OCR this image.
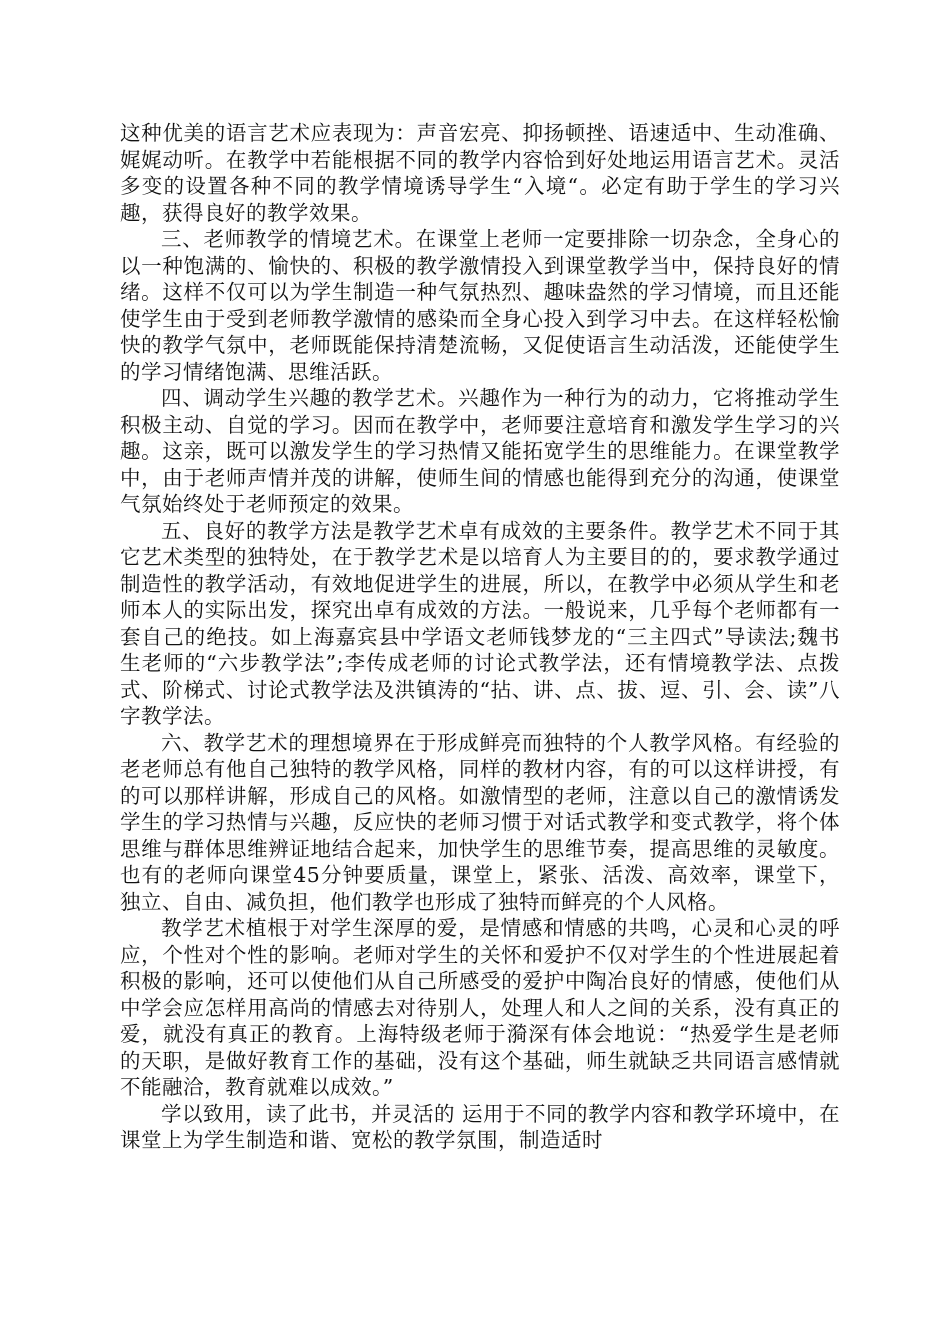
这种优美的语言艺术应表现为：声音宏亮、抑扬顿挫、语速适中、生动准确、娓娓动听。在教学中若能根据不同的教学内容恰到好处地运用语言艺术。灵活多变的设置各种不同的教学情境诱导学生“入境“。必定有助于学生的学习兴趣，获得良好的教学效果。

三、老师教学的情境艺术。在课堂上老师一定要排除一切杂念，全身心的以一种饱满的、愉快的、积极的教学激情投入到课堂教学当中，保持良好的情绪。这样不仅可以为学生制造一种气氛热烈、趣味盎然的学习情境，而且还能使学生由于受到老师教学激情的感染而全身心投入到学习中去。在这样轻松愉快的教学气氛中，老师既能保持清楚流畅，又促使语言生动活泼，还能使学生的学习情绪饱满、思维活跃。

四、调动学生兴趣的教学艺术。兴趣作为一种行为的动力，它将推动学生积极主动、自觉的学习。因而在教学中，老师要注意培育和激发学生学习的兴趣。这亲，既可以激发学生的学习热情又能拓宽学生的思维能力。在课堂教学中，由于老师声情并茂的讲解，使师生间的情感也能得到充分的沟通，使课堂气氛始终处于老师预定的效果。

五、良好的教学方法是教学艺术卓有成效的主要条件。教学艺术不同于其它艺术类型的独特处，在于教学艺术是以培育人为主要目的的，要求教学通过制造性的教学活动，有效地促进学生的进展，所以，在教学中必须从学生和老师本人的实际出发，探究出卓有成效的方法。一般说来，几乎每个老师都有一套自己的绝技。如上海嘉宾县中学语文老师钱梦龙的“三主四式”导读法;魏书生老师的“六步教学法”;李传成老师的讨论式教学法，还有情境教学法、点拨式、阶梯式、讨论式教学法及洪镇涛的“拈、讲、点、拔、逗、引、会、读”八字教学法。

六、教学艺术的理想境界在于形成鲜亮而独特的个人教学风格。有经验的老老师总有他自己独特的教学风格，同样的教材内容，有的可以这样讲授，有的可以那样讲解，形成自己的风格。如激情型的老师，注意以自己的激情诱发学生的学习热情与兴趣，反应快的老师习惯于对话式教学和变式教学，将个体思维与群体思维辨证地结合起来，加快学生的思维节奏，提高思维的灵敏度。也有的老师向课堂45分钟要质量，课堂上，紧张、活泼、高效率，课堂下，独立、自由、减负担，他们教学也形成了独特而鲜亮的个人风格。

教学艺术植根于对学生深厚的爱，是情感和情感的共鸣，心灵和心灵的呼应，个性对个性的影响。老师对学生的关怀和爱护不仅对学生的个性进展起着积极的影响，还可以使他们从自己所感受的爱护中陶冶良好的情感，使他们从中学会应怎样用高尚的情感去对待别人，处理人和人之间的关系，没有真正的爱，就没有真正的教育。上海特级老师于漪深有体会地说：“热爱学生是老师的天职，是做好教育工作的基础，没有这个基础，师生就缺乏共同语言感情就不能融洽，教育就难以成效。”

学以致用，读了此书，并灵活的 运用于不同的教学内容和教学环境中，在课堂上为学生制造和谐、宽松的教学氛围，制造适时
